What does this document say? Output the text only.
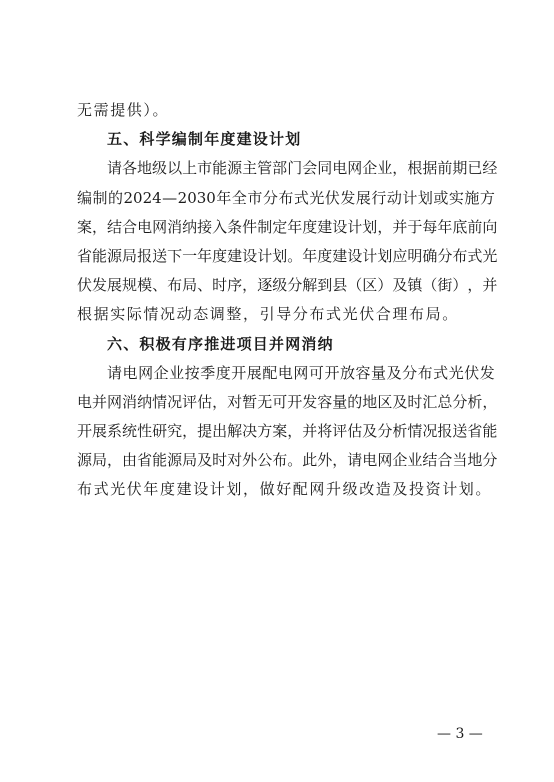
无需提供）。
五、科学编制年度建设计划
请 各 地 级 以 上 市 能 源 主 管 部 门 会 同 电 网 企 业 ， 根 据 前 期 已 经
编 制 的 2024 — 2030 年 全 市 分 布 式 光 伏 发 展 行 动 计 划 或 实 施 方
案 ， 结 合 电 网 消 纳 接 入 条 件 制 定 年 度 建 设 计 划 ， 并 于 每 年 底 前 向
省 能 源 局 报 送 下 一 年 度 建 设 计 划 。 年 度 建 设 计 划 应 明 确 分 布 式 光
伏 发 展 规 模 、 布 局 、 时 序 ， 逐 级 分 解 到 县 （ 区 ） 及 镇 （ 街 ） ， 并
根据实际情况动态调整，引导分布式光伏合理布局。
六、积极有序推进项目并网消纳
请 电 网 企 业 按 季 度 开 展 配 电 网 可 开 放 容 量 及 分 布 式 光 伏 发
电 并 网 消 纳 情 况 评 估 ， 对 暂 无 可 开 发 容 量 的 地 区 及 时 汇 总 分 析 ，
开 展 系 统 性 研 究 ， 提 出 解 决 方 案 ， 并 将 评 估 及 分 析 情 况 报 送 省 能
源 局 ， 由 省 能 源 局 及 时 对 外 公 布 。 此 外 ， 请 电 网 企 业 结 合 当 地 分
布式光伏年度建设计划，做好配网升级改造及投资计划。
— 3 —
